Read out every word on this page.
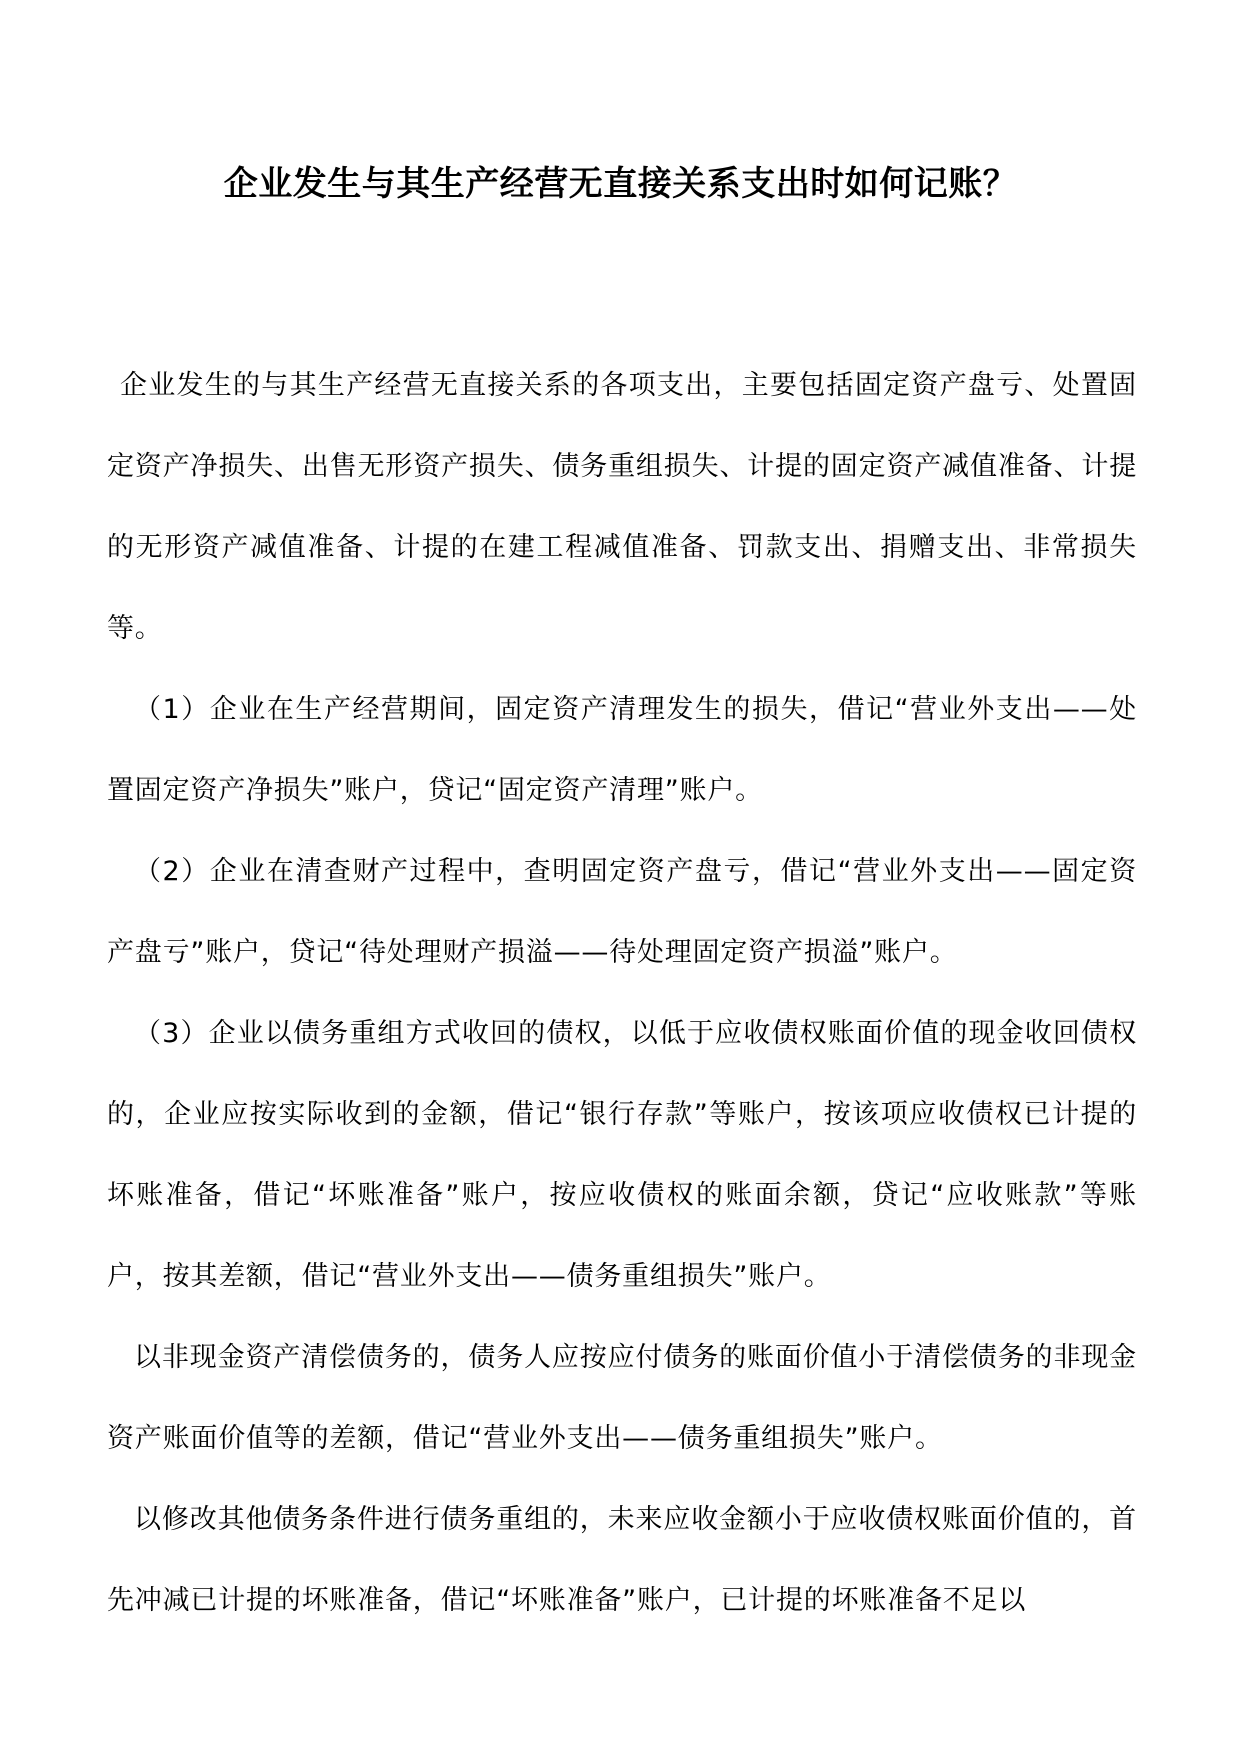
企业发生与其生产经营无直接关系支出时如何记账？

企业发生的与其生产经营无直接关系的各项支出，主要包括固定资产盘亏、处置固定资产净损失、出售无形资产损失、债务重组损失、计提的固定资产减值准备、计提的无形资产减值准备、计提的在建工程减值准备、罚款支出、捐赠支出、非常损失等。

（1）企业在生产经营期间，固定资产清理发生的损失，借记“营业外支出——处置固定资产净损失”账户，贷记“固定资产清理”账户。

（2）企业在清查财产过程中，查明固定资产盘亏，借记“营业外支出——固定资产盘亏”账户，贷记“待处理财产损溢——待处理固定资产损溢”账户。

（3）企业以债务重组方式收回的债权，以低于应收债权账面价值的现金收回债权的，企业应按实际收到的金额，借记“银行存款”等账户，按该项应收债权已计提的坏账准备，借记“坏账准备”账户，按应收债权的账面余额，贷记“应收账款”等账户，按其差额，借记“营业外支出——债务重组损失”账户。

以非现金资产清偿债务的，债务人应按应付债务的账面价值小于清偿债务的非现金资产账面价值等的差额，借记“营业外支出——债务重组损失”账户。

以修改其他债务条件进行债务重组的，未来应收金额小于应收债权账面价值的，首先冲减已计提的坏账准备，借记“坏账准备”账户，已计提的坏账准备不足以
